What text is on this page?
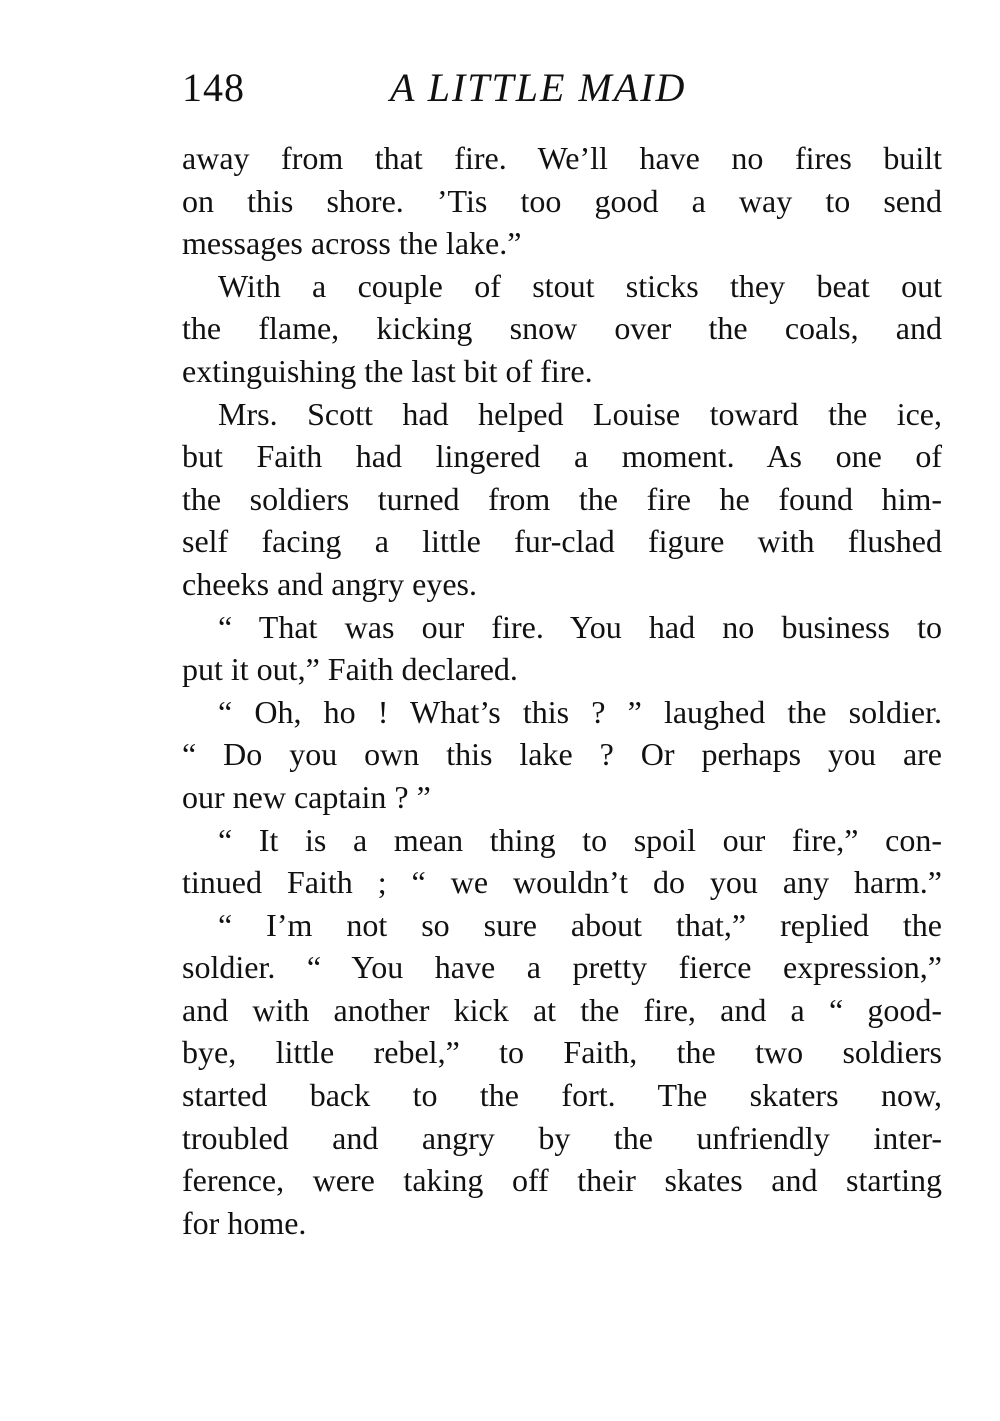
148	A LITTLE MAID
away from that fire. We’ll have no fires built
on this shore. ’Tis too good a way to send
messages across the lake.”
With a couple of stout sticks they beat out
the flame, kicking snow over the coals, and
extinguishing the last bit of fire.
Mrs. Scott had helped Louise toward the ice,
but Faith had lingered a moment. As one of
the soldiers turned from the fire he found him-
self facing a little fur-clad figure with flushed
cheeks and angry eyes.
“ That was our fire. You had no business to
put it out,” Faith declared.
“ Oh, ho ! What’s this ? ” laughed the soldier.
“ Do you own this lake ? Or perhaps you are
our new captain ? ”
“ It is a mean thing to spoil our fire,” con-
tinued Faith ; “ we wouldn’t do you any harm.”
“ I’m not so sure about that,” replied the
soldier. “ You have a pretty fierce expression,”
and with another kick at the fire, and a “ good-
bye, little rebel,” to Faith, the two soldiers
started back to the fort. The skaters now,
troubled and angry by the unfriendly inter-
ference, were taking off their skates and starting
for home.
